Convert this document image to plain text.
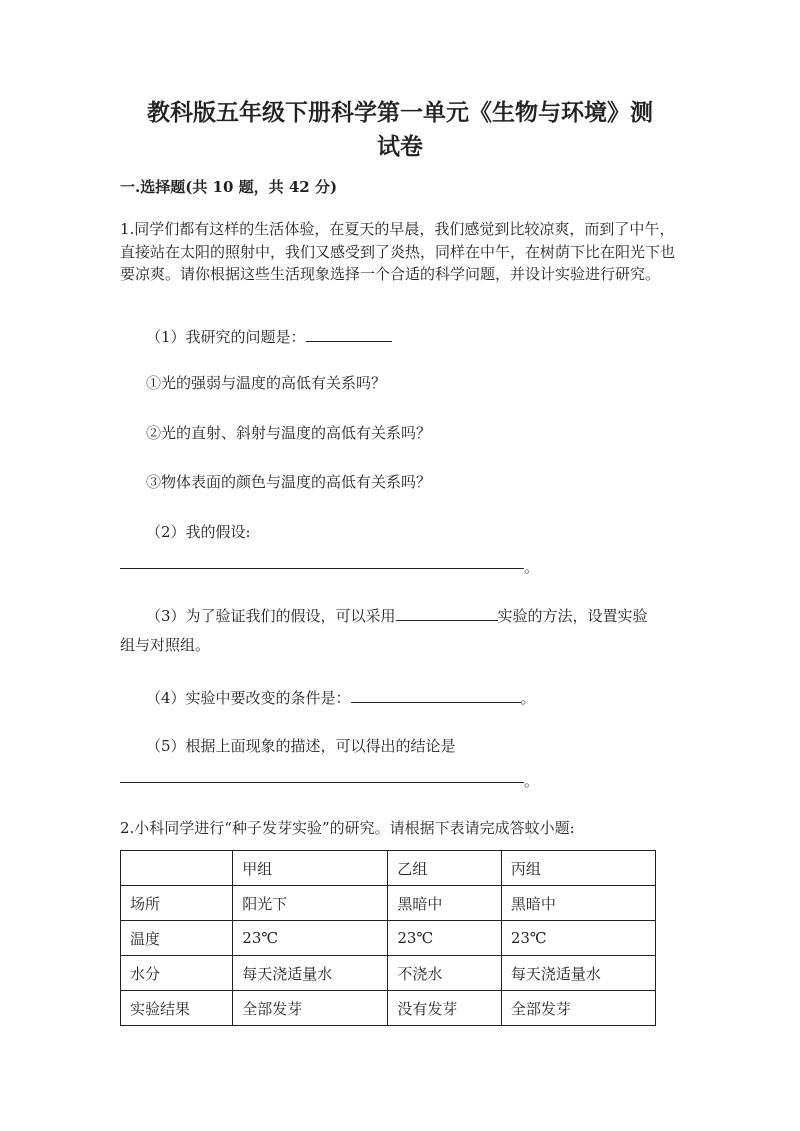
教科版五年级下册科学第一单元《生物与环境》测
试卷
一.选择题(共 10 题，共 42 分)
1.同学们都有这样的生活体验，在夏天的早晨，我们感觉到比较凉爽，而到了中午，直接站在太阳的照射中，我们又感受到了炎热，同样在中午，在树荫下比在阳光下也要凉爽。请你根据这些生活现象选择一个合适的科学问题，并设计实验进行研究。
（1）我研究的问题是：
①光的强弱与温度的高低有关系吗？
②光的直射、斜射与温度的高低有关系吗？
③物体表面的颜色与温度的高低有关系吗？
（2）我的假设:
。
（3）为了验证我们的假设，可以采用	实验的方法，设置实验
组与对照组。
（4）实验中要改变的条件是：	。
（5）根据上面现象的描述，可以得出的结论是
。
2.小科同学进行“种子发芽实验”的研究。请根据下表请完成答蚊小题:
	甲组	乙组	丙组
场所	阳光下	黑暗中	黑暗中
温度	23℃	23℃	23℃
水分	每天浇适量水	不浇水	每天浇适量水
实验结果	全部发芽	没有发芽	全部发芽
